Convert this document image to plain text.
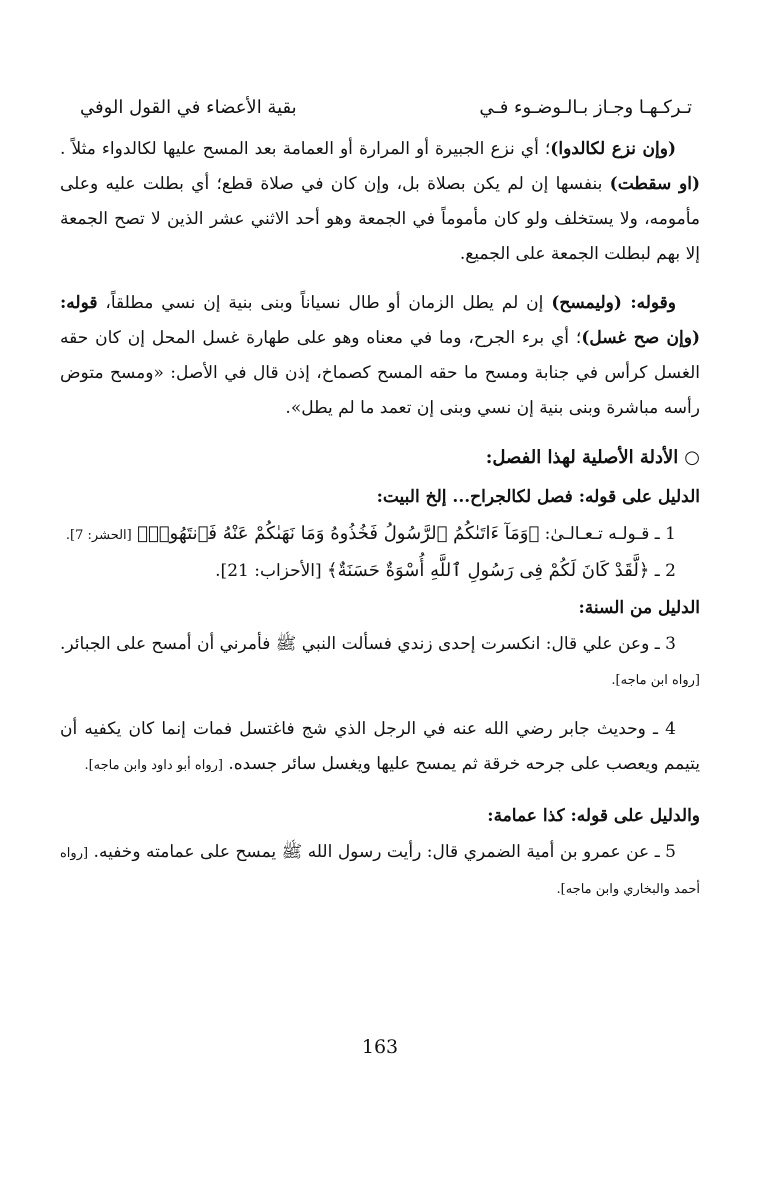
تـركـهـا وجـاز بـالـوضـوء فـي
بقية الأعضاء في القول الوفي

(وإن نزع لكالدوا)؛ أي نزع الجبيرة أو المرارة أو العمامة بعد المسح عليها لكالدواء مثلاً . (او سقطت) بنفسها إن لم يكن بصلاة بل، وإن كان في صلاة قطع؛ أي بطلت عليه وعلى مأمومه، ولا يستخلف ولو كان مأموماً في الجمعة وهو أحد الاثني عشر الذين لا تصح الجمعة إلا بهم لبطلت الجمعة على الجميع.

وقوله: (وليمسح) إن لم يطل الزمان أو طال نسياناً وبنى بنية إن نسي مطلقاً، قوله: (وإن صح غسل)؛ أي برء الجرح، وما في معناه وهو على طهارة غسل المحل إن كان حقه الغسل كرأس في جنابة ومسح ما حقه المسح كصماخ، إذن قال في الأصل: «ومسح متوض رأسه مباشرة وبنى بنية إن نسي وبنى إن تعمد ما لم يطل».

○الأدلة الأصلية لهذا الفصل:

الدليل على قوله: فصل لكالجراح... إلخ البيت:

1 ـ قـولـه تـعـالـىٰ: ﴿وَمَآ ءَاتَىٰكُمُ ٱلرَّسُولُ فَخُذُوهُ وَمَا نَهَىٰكُمْ عَنْهُ فَٱنتَهُوا۟﴾ [الحشر: 7].

2 ـ ﴿لَّقَدْ كَانَ لَكُمْ فِى رَسُولِ ٱللَّهِ أُسْوَةٌ حَسَنَةٌ﴾ [الأحزاب: 21].

الدليل من السنة:

3 ـ وعن علي قال: انكسرت إحدى زندي فسألت النبي ﷺ فأمرني أن أمسح على الجبائر. [رواه ابن ماجه].

4 ـ وحديث جابر رضي الله عنه في الرجل الذي شج فاغتسل فمات إنما كان يكفيه أن يتيمم ويعصب على جرحه خرقة ثم يمسح عليها ويغسل سائر جسده. [رواه أبو داود وابن ماجه].

والدليل على قوله: كذا عمامة:

5 ـ عن عمرو بن أمية الضمري قال: رأيت رسول الله ﷺ يمسح على عمامته وخفيه. [رواه أحمد والبخاري وابن ماجه].

163
